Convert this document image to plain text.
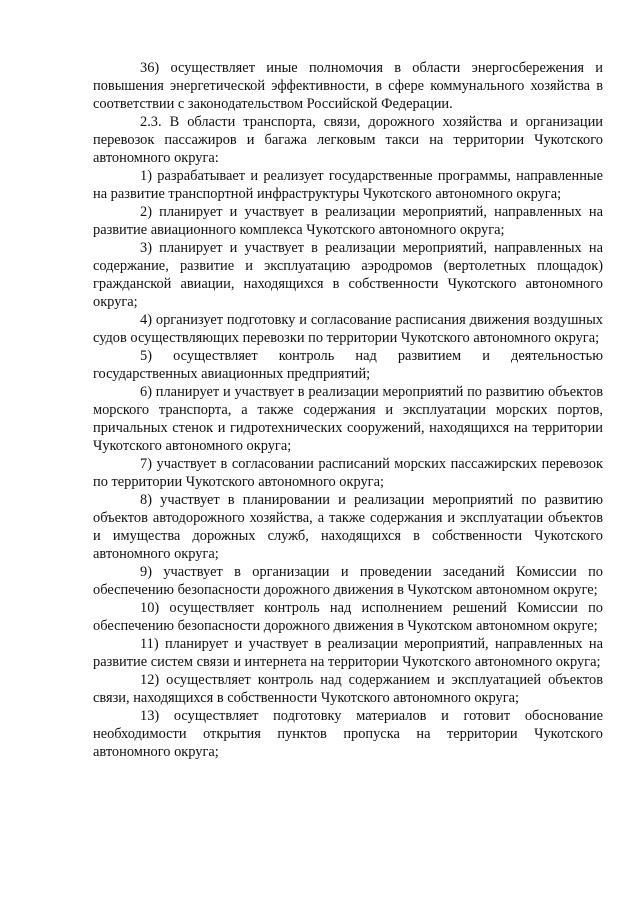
36) осуществляет иные полномочия в области энергосбережения и повышения энергетической эффективности, в сфере коммунального хозяйства в соответствии с законодательством Российской Федерации.

2.3. В области транспорта, связи, дорожного хозяйства и организации перевозок пассажиров и багажа легковым такси на территории Чукотского автономного округа:

1) разрабатывает и реализует государственные программы, направленные на развитие транспортной инфраструктуры Чукотского автономного округа;

2) планирует и участвует в реализации мероприятий, направленных на развитие авиационного комплекса Чукотского автономного округа;

3) планирует и участвует в реализации мероприятий, направленных на содержание, развитие и эксплуатацию аэродромов (вертолетных площадок) гражданской авиации, находящихся в собственности Чукотского автономного округа;

4) организует подготовку и согласование расписания движения воздушных судов осуществляющих перевозки по территории Чукотского автономного округа;

5) осуществляет контроль над развитием и деятельностью государственных авиационных предприятий;

6) планирует и участвует в реализации мероприятий по развитию объектов морского транспорта, а также содержания и эксплуатации морских портов, причальных стенок и гидротехнических сооружений, находящихся на территории Чукотского автономного округа;

7) участвует в согласовании расписаний морских пассажирских перевозок по территории Чукотского автономного округа;

8) участвует в планировании и реализации мероприятий по развитию объектов автодорожного хозяйства, а также содержания и эксплуатации объектов и имущества дорожных служб, находящихся в собственности Чукотского автономного округа;

9) участвует в организации и проведении заседаний Комиссии по обеспечению безопасности дорожного движения в Чукотском автономном округе;

10) осуществляет контроль над исполнением решений Комиссии по обеспечению безопасности дорожного движения в Чукотском автономном округе;

11) планирует и участвует в реализации мероприятий, направленных на развитие систем связи и интернета на территории Чукотского автономного округа;

12) осуществляет контроль над содержанием и эксплуатацией объектов связи, находящихся в собственности Чукотского автономного округа;

13) осуществляет подготовку материалов и готовит обоснование необходимости открытия пунктов пропуска на территории Чукотского автономного округа;
